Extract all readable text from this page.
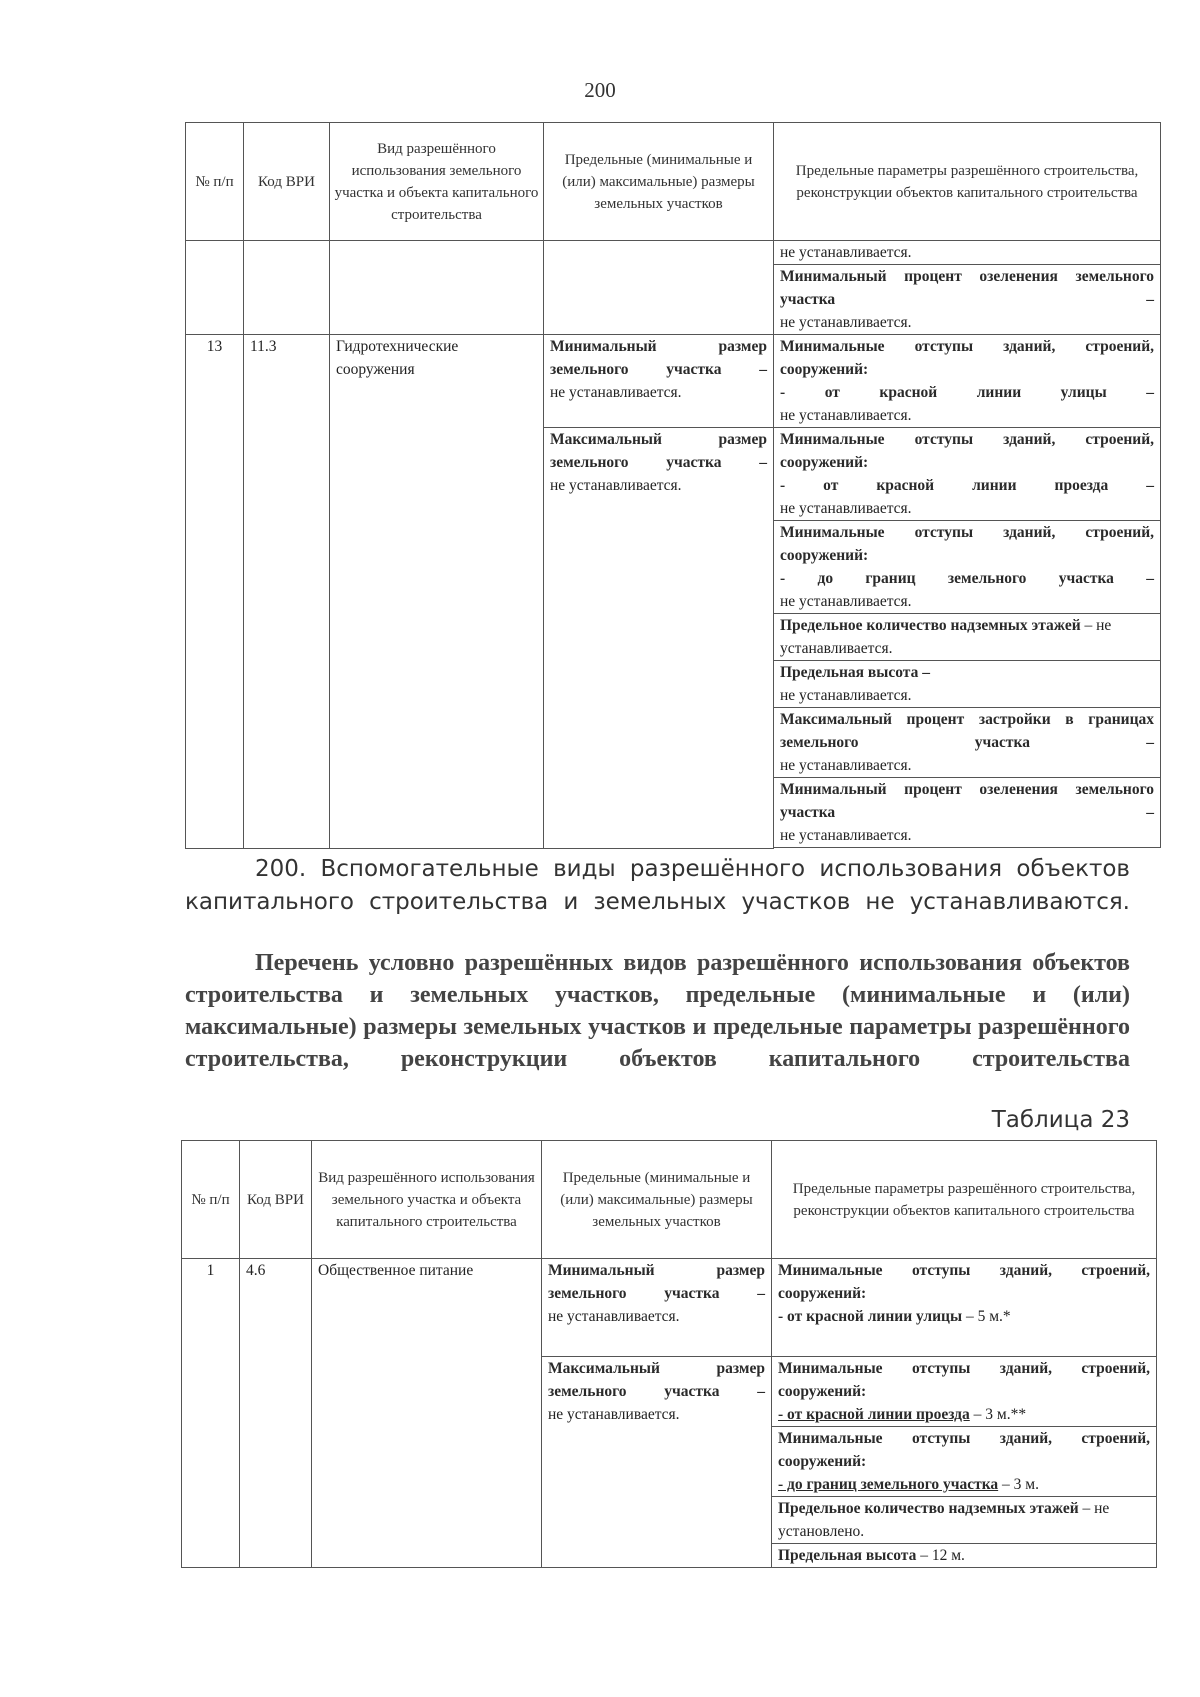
200
№ п/п	Код ВРИ	Вид разрешённого использования земельного участка и объекта капитального строительства	Предельные (минимальные и (или) максимальные) размеры земельных участков	Предельные параметры разрешённого строительства, реконструкции объектов капитального строительства	
				не устанавливается.	

				Минимальный процент озеленения земельного участка –
не устанавливается.	

13	11.3	Гидротехнические сооружения	Минимальный размер земельного участка –
не устанавливается.	Минимальные отступы зданий, строений, сооружений:
- от красной линии улицы –
не устанавливается.	

			Максимальный размер земельного участка –
не устанавливается.	Минимальные отступы зданий, строений, сооружений:
- от красной линии проезда –
не устанавливается.	

				Минимальные отступы зданий, строений, сооружений:
- до границ земельного участка –
не устанавливается.	

				Предельное количество надземных этажей – не устанавливается.	

				Предельная высота –
не устанавливается.	

				Максимальный процент застройки в границах земельного участка –
не устанавливается.	

				Минимальный процент озеленения земельного участка –
не устанавливается.	

200. Вспомогательные виды разрешённого использования объектов капитального строительства и земельных участков не устанавливаются.
Перечень условно разрешённых видов разрешённого использования объектов строительства и земельных участков, предельные (минимальные и (или) максимальные) размеры земельных участков и предельные параметры разрешённого строительства, реконструкции объектов капитального строительства
Таблица 23
№ п/п	Код ВРИ	Вид разрешённого использования земельного участка и объекта капитального строительства	Предельные (минимальные и (или) максимальные) размеры земельных участков	Предельные параметры разрешённого строительства, реконструкции объектов капитального строительства
1	4.6	Общественное питание	Минимальный размер земельного участка –
не устанавливается.	Минимальные отступы зданий, строений, сооружений:
- от красной линии улицы – 5 м.*

			Максимальный размер земельного участка –
не устанавливается.	Минимальные отступы зданий, строений, сооружений:
- от красной линии проезда – 3 м.**

				Минимальные отступы зданий, строений, сооружений:
- до границ земельного участка – 3 м.

				Предельное количество надземных этажей – не установлено.
				Предельная высота – 12 м.
